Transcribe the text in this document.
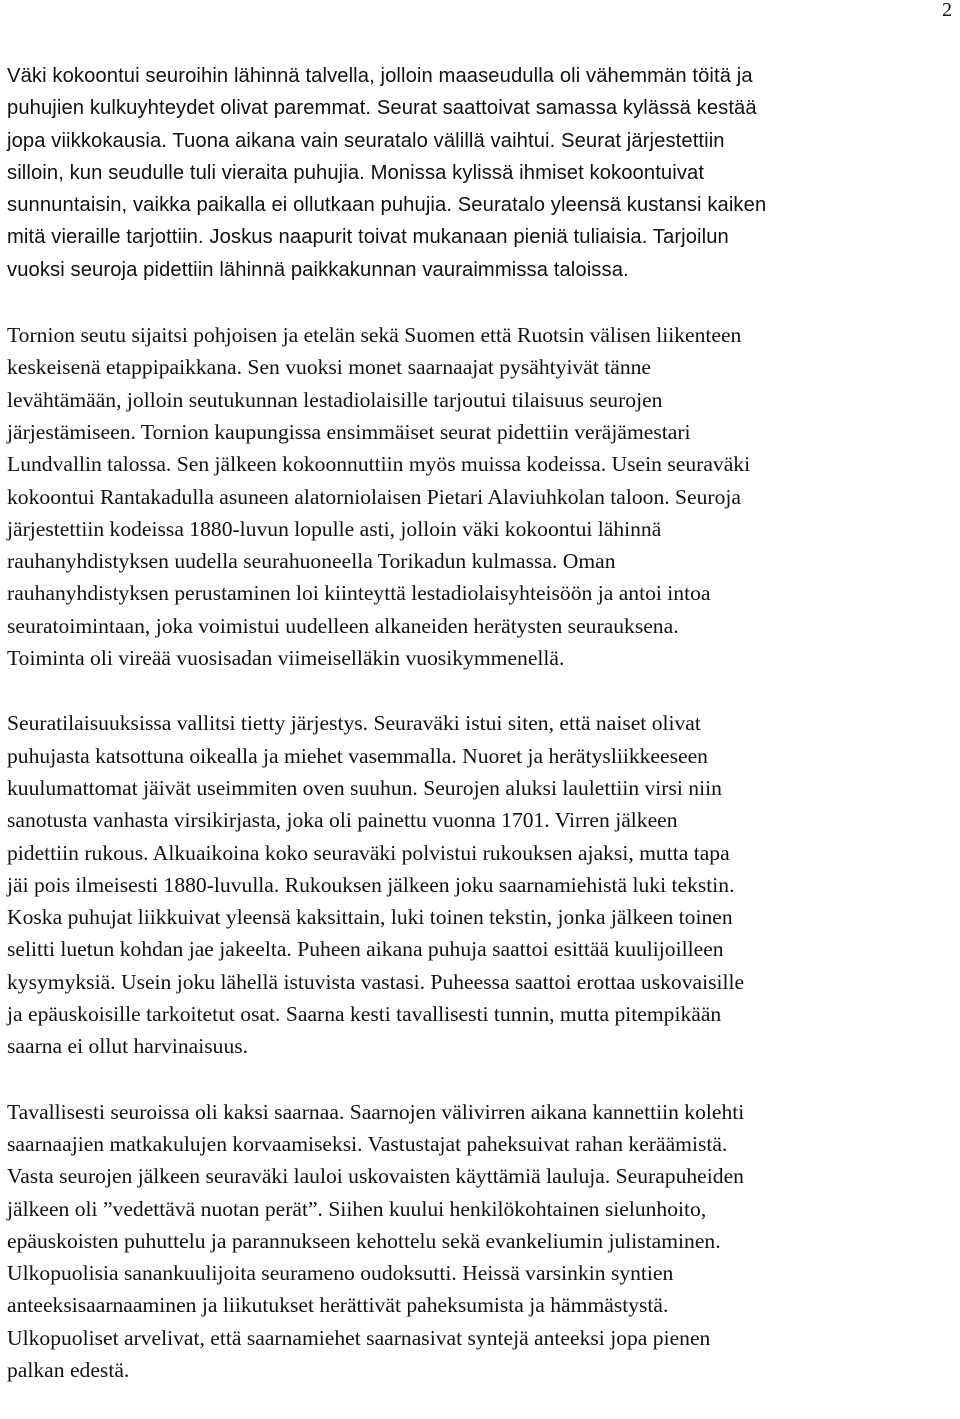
2

Väki kokoontui seuroihin lähinnä talvella, jolloin maaseudulla oli vähemmän töitä ja
puhujien kulkuyhteydet olivat paremmat. Seurat saattoivat samassa kylässä kestää
jopa viikkokausia. Tuona aikana vain seuratalo välillä vaihtui. Seurat järjestettiin
silloin, kun seudulle tuli vieraita puhujia. Monissa kylissä ihmiset kokoontuivat
sunnuntaisin, vaikka paikalla ei ollutkaan puhujia. Seuratalo yleensä kustansi kaiken
mitä vieraille tarjottiin. Joskus naapurit toivat mukanaan pieniä tuliaisia. Tarjoilun
vuoksi seuroja pidettiin lähinnä paikkakunnan vauraimmissa taloissa.

Tornion seutu sijaitsi pohjoisen ja etelän sekä Suomen että Ruotsin välisen liikenteen
keskeisenä etappipaikkana. Sen vuoksi monet saarnaajat pysähtyivät tänne
levähtämään, jolloin seutukunnan lestadiolaisille tarjoutui tilaisuus seurojen
järjestämiseen. Tornion kaupungissa ensimmäiset seurat pidettiin veräjämestari
Lundvallin talossa. Sen jälkeen kokoonnuttiin myös muissa kodeissa. Usein seuraväki
kokoontui Rantakadulla asuneen alatorniolaisen Pietari Alaviuhkolan taloon. Seuroja
järjestettiin kodeissa 1880-luvun lopulle asti, jolloin väki kokoontui lähinnä
rauhanyhdistyksen uudella seurahuoneella Torikadun kulmassa. Oman
rauhanyhdistyksen perustaminen loi kiinteyttä lestadiolaisyhteisöön ja antoi intoa
seuratoimintaan, joka voimistui uudelleen alkaneiden herätysten seurauksena.
Toiminta oli vireää vuosisadan viimeiselläkin vuosikymmenellä.

Seuratilaisuuksissa vallitsi tietty järjestys. Seuraväki istui siten, että naiset olivat
puhujasta katsottuna oikealla ja miehet vasemmalla. Nuoret ja herätysliikkeeseen
kuulumattomat jäivät useimmiten oven suuhun. Seurojen aluksi laulettiin virsi niin
sanotusta vanhasta virsikirjasta, joka oli painettu vuonna 1701. Virren jälkeen
pidettiin rukous. Alkuaikoina koko seuraväki polvistui rukouksen ajaksi, mutta tapa
jäi pois ilmeisesti 1880-luvulla. Rukouksen jälkeen joku saarnamiehistä luki tekstin.
Koska puhujat liikkuivat yleensä kaksittain, luki toinen tekstin, jonka jälkeen toinen
selitti luetun kohdan jae jakeelta. Puheen aikana puhuja saattoi esittää kuulijoilleen
kysymyksiä. Usein joku lähellä istuvista vastasi. Puheessa saattoi erottaa uskovaisille
ja epäuskoisille tarkoitetut osat. Saarna kesti tavallisesti tunnin, mutta pitempikään
saarna ei ollut harvinaisuus.

Tavallisesti seuroissa oli kaksi saarnaa. Saarnojen välivirren aikana kannettiin kolehti
saarnaajien matkakulujen korvaamiseksi. Vastustajat paheksuivat rahan keräämistä.
Vasta seurojen jälkeen seuraväki lauloi uskovaisten käyttämiä lauluja. Seurapuheiden
jälkeen oli ”vedettävä nuotan perät”. Siihen kuului henkilökohtainen sielunhoito,
epäuskoisten puhuttelu ja parannukseen kehottelu sekä evankeliumin julistaminen.
Ulkopuolisia sanankuulijoita seurameno oudoksutti. Heissä varsinkin syntien
anteeksisaarnaaminen ja liikutukset herättivät paheksumista ja hämmästystä.
Ulkopuoliset arvelivat, että saarnamiehet saarnasivat syntejä anteeksi jopa pienen
palkan edestä.
